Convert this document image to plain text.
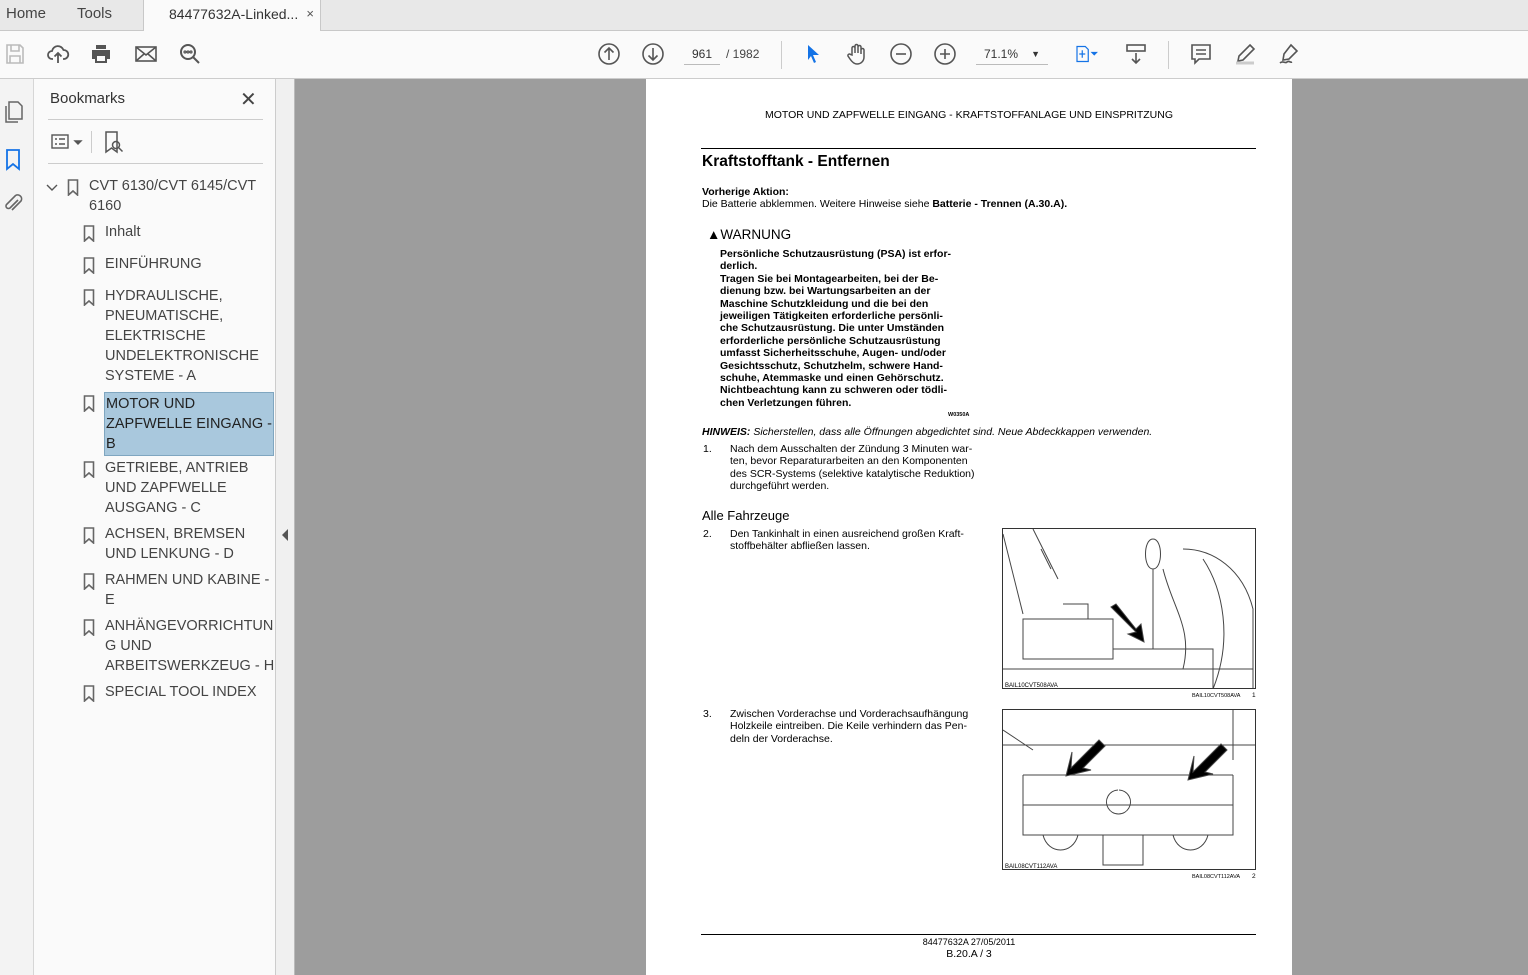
Home Tools	84477632A-Linked... ×
961	/ 1982	71.1% ▼
Bookmarks	✕
CVT 6130/CVT 6145/CVT
6160
Inhalt
EINFÜHRUNG
HYDRAULISCHE,
PNEUMATISCHE,
ELEKTRISCHE
UNDELEKTRONISCHE
SYSTEME - A
MOTOR UND
ZAPFWELLE EINGANG -
B
GETRIEBE, ANTRIEB
UND ZAPFWELLE
AUSGANG - C
ACHSEN, BREMSEN
UND LENKUNG - D
RAHMEN UND KABINE -
E
ANHÄNGEVORRICHTUN
G UND
ARBEITSWERKZEUG - H
SPECIAL TOOL INDEX
MOTOR UND ZAPFWELLE EINGANG - KRAFTSTOFFANLAGE UND EINSPRITZUNG
Kraftstofftank - Entfernen
Vorherige Aktion:
Die Batterie abklemmen. Weitere Hinweise siehe Batterie - Trennen (A.30.A).
▲WARNUNG
Persönliche Schutzausrüstung (PSA) ist erfor-
derlich.
Tragen Sie bei Montagearbeiten, bei der Be-
dienung bzw. bei Wartungsarbeiten an der
Maschine Schutzkleidung und die bei den
jeweiligen Tätigkeiten erforderliche persönli-
che Schutzausrüstung. Die unter Umständen
erforderliche persönliche Schutzausrüstung
umfasst Sicherheitsschuhe, Augen- und/oder
Gesichtsschutz, Schutzhelm, schwere Hand-
schuhe, Atemmaske und einen Gehörschutz.
Nichtbeachtung kann zu schweren oder tödli-
chen Verletzungen führen.
W0350A
HINWEIS: Sicherstellen, dass alle Öffnungen abgedichtet sind. Neue Abdeckkappen verwenden.
1. Nach dem Ausschalten der Zündung 3 Minuten war-
ten, bevor Reparaturarbeiten an den Komponenten
des SCR-Systems (selektive katalytische Reduktion)
durchgeführt werden.
Alle Fahrzeuge
2. Den Tankinhalt in einen ausreichend großen Kraft-
stoffbehälter abfließen lassen.
BAIL10CVT508AVA
BAIL10CVT508AVA 1
3. Zwischen Vorderachse und Vorderachsaufhängung
Holzkeile eintreiben. Die Keile verhindern das Pen-
deln der Vorderachse.
BAIL08CVT112AVA
BAIL08CVT112AVA 2
84477632A 27/05/2011
B.20.A / 3
